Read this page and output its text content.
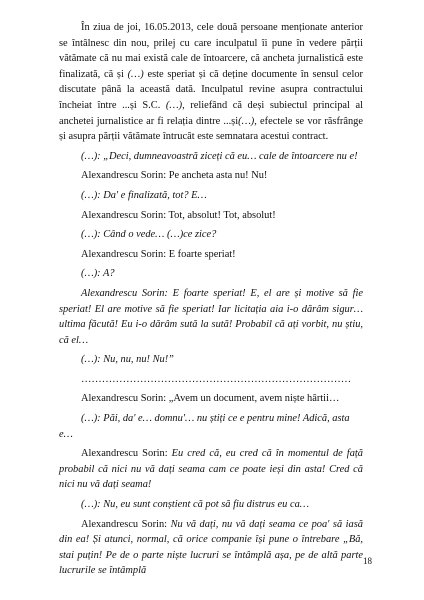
În ziua de joi, 16.05.2013, cele două persoane menționate anterior se întâlnesc din nou, prilej cu care inculpatul îi pune în vedere părții vătămate că nu mai există cale de întoarcere, că ancheta jurnalistică este finalizată, că și (…) este speriat și că deține documente în sensul celor discutate până la această dată. Inculpatul revine asupra contractului încheiat între ...și S.C. (…), reliefând că deși subiectul principal al anchetei jurnalistice ar fi relația dintre ...și(…), efectele se vor răsfrânge și asupra părții vătămate întrucât este semnatara acestui contract.

(…): „Deci, dumneavoastră ziceți că eu… cale de întoarcere nu e!

Alexandrescu Sorin: Pe ancheta asta nu! Nu!

(…): Da' e finalizată, tot? E…

Alexandrescu Sorin: Tot, absolut! Tot, absolut!

(…): Când o vede… (…)ce zice?

Alexandrescu Sorin: E foarte speriat!

(…): A?

Alexandrescu Sorin: E foarte speriat! E, el are și motive să fie speriat! El are motive să fie speriat! Iar licitația aia i-o dărâm sigur… ultima făcută! Eu i-o dărâm sută la sută! Probabil că ați vorbit, nu știu, că el…

(…): Nu, nu, nu! Nu!”

……………………………………………………………………

Alexandrescu Sorin: „Avem un document, avem niște hârtii…

(…): Păi, da' e… domnu'… nu știți ce e pentru mine! Adică, asta e…

Alexandrescu Sorin: Eu cred că, eu cred că în momentul de față probabil că nici nu vă dați seama cam ce poate ieși din asta! Cred că nici nu vă dați seama!

(…): Nu, eu sunt conștient că pot să fiu distrus eu ca…

Alexandrescu Sorin: Nu vă dați, nu vă dați seama ce poa' să iasă din ea! Și atunci, normal, că orice companie își pune o întrebare „Bă, stai puțin! Pe de o parte niște lucruri se întâmplă așa, pe de altă parte lucrurile se întâmplă

18
